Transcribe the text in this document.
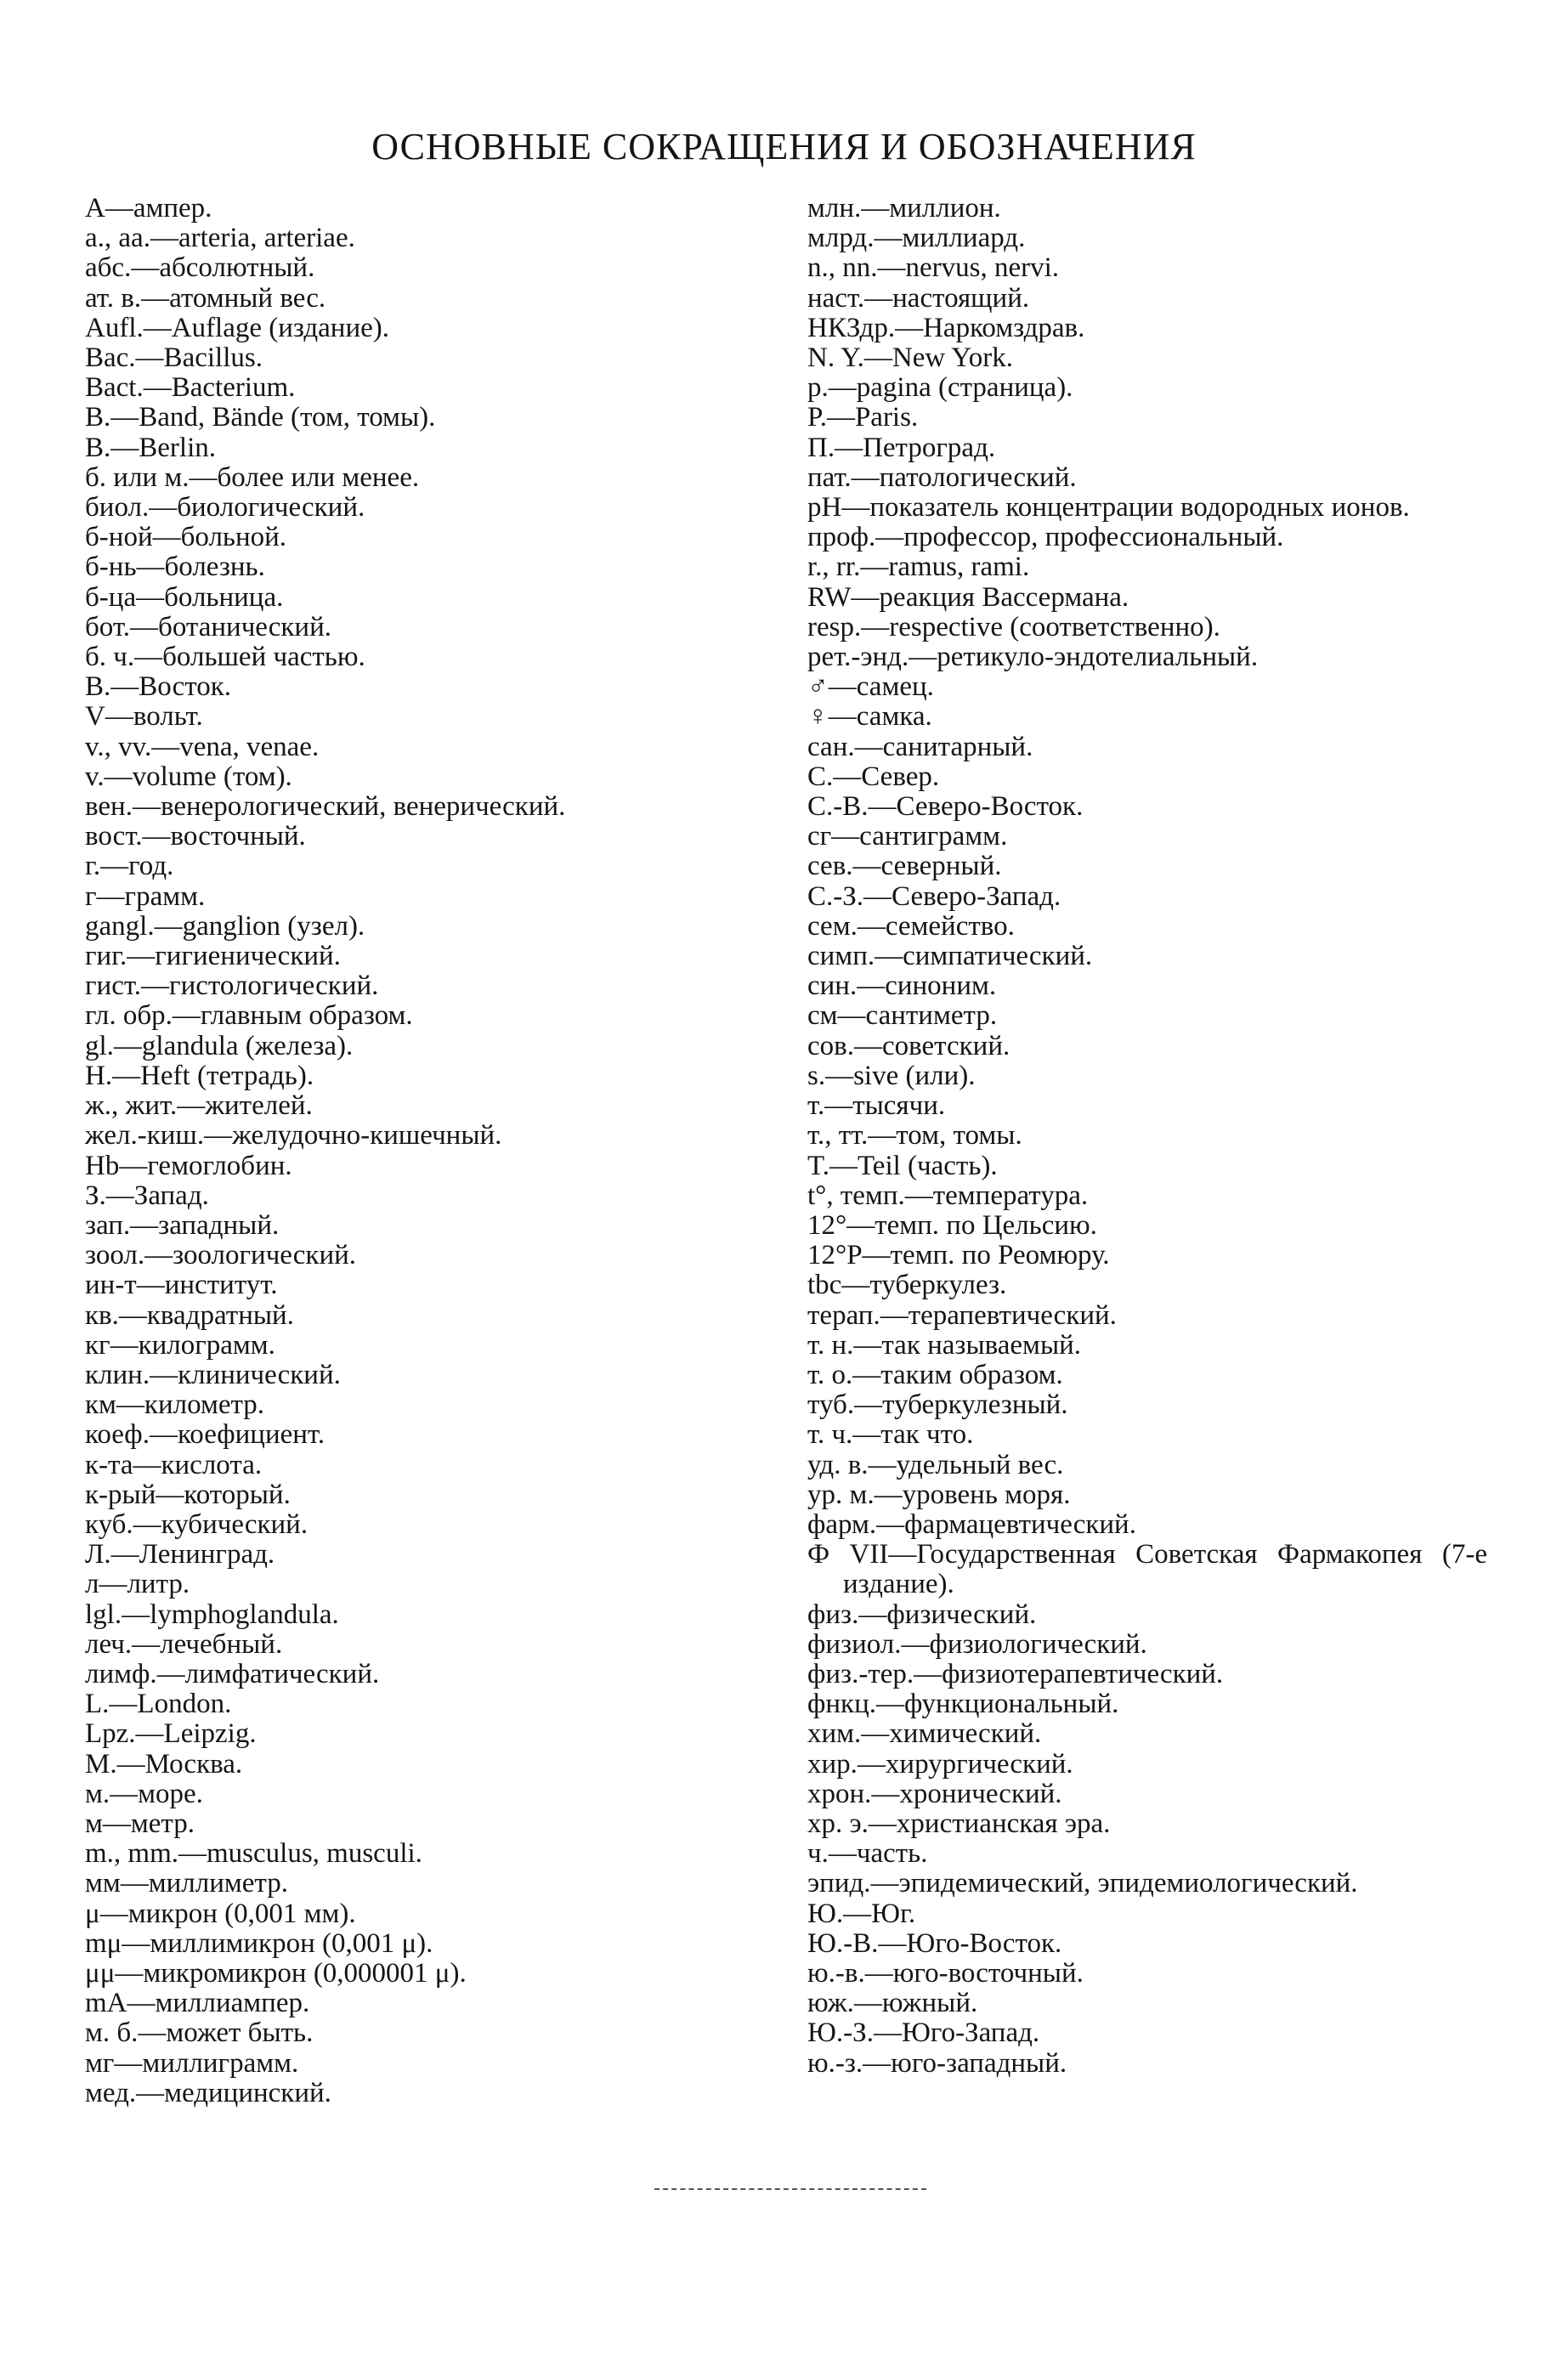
ОСНОВНЫЕ СОКРАЩЕНИЯ И ОБОЗНАЧЕНИЯ
А—ампер.
а., аа.—arteria, arteriae.
абс.—абсолютный.
ат. в.—атомный вес.
Aufl.—Auflage (издание).
Bac.—Bacillus.
Bact.—Bacterium.
B.—Band, Bände (том, томы).
B.—Berlin.
б. или м.—более или менее.
биол.—биологический.
б-ной—больной.
б-нь—болезнь.
б-ца—больница.
бот.—ботанический.
б. ч.—большей частью.
В.—Восток.
V—вольт.
v., vv.—vena, venae.
v.—volume (том).
вен.—венерологический, венерический.
вост.—восточный.
г.—год.
г—грамм.
gangl.—ganglion (узел).
гиг.—гигиенический.
гист.—гистологический.
гл. обр.—главным образом.
gl.—glandula (железа).
H.—Heft (тетрадь).
ж., жит.—жителей.
жел.-киш.—желудочно-кишечный.
Hb—гемоглобин.
З.—Запад.
зап.—западный.
зоол.—зоологический.
ин-т—институт.
кв.—квадратный.
кг—килограмм.
клин.—клинический.
км—километр.
коеф.—коефициент.
к-та—кислота.
к-рый—который.
куб.—кубический.
Л.—Ленинград.
л—литр.
lgl.—lymphoglandula.
леч.—лечебный.
лимф.—лимфатический.
L.—London.
Lpz.—Leipzig.
М.—Москва.
м.—море.
м—метр.
m., mm.—musculus, musculi.
мм—миллиметр.
μ—микрон (0,001 мм).
mμ—миллимикрон (0,001 μ).
μμ—микромикрон (0,000001 μ).
mA—миллиампер.
м. б.—может быть.
мг—миллиграмм.
мед.—медицинский.
млн.—миллион.
млрд.—миллиард.
n., nn.—nervus, nervi.
наст.—настоящий.
НКЗдр.—Наркомздрав.
N. Y.—New York.
p.—pagina (страница).
P.—Paris.
П.—Петроград.
пат.—патологический.
pH—показатель концентрации водородных ионов.
проф.—профессор, профессиональный.
r., rr.—ramus, rami.
RW—реакция Вассермана.
resp.—respective (соответственно).
рет.-энд.—ретикуло-эндотелиальный.
♂—самец.
♀—самка.
сан.—санитарный.
С.—Север.
С.-В.—Северо-Восток.
сг—сантиграмм.
сев.—северный.
С.-З.—Северо-Запад.
сем.—семейство.
симп.—симпатический.
син.—синоним.
см—сантиметр.
сов.—советский.
s.—sive (или).
т.—тысячи.
т., тт.—том, томы.
T.—Teil (часть).
t°, темп.—температура.
12°—темп. по Цельсию.
12°Р—темп. по Реомюру.
tbc—туберкулез.
терап.—терапевтический.
т. н.—так называемый.
т. о.—таким образом.
туб.—туберкулезный.
т. ч.—так что.
уд. в.—удельный вес.
ур. м.—уровень моря.
фарм.—фармацевтический.
Ф VII—Государственная Советская Фармакопея (7-е издание).
физ.—физический.
физиол.—физиологический.
физ.-тер.—физиотерапевтический.
фнкц.—функциональный.
хим.—химический.
хир.—хирургический.
хрон.—хронический.
хр. э.—христианская эра.
ч.—часть.
эпид.—эпидемический, эпидемиологический.
Ю.—Юг.
Ю.-В.—Юго-Восток.
ю.-в.—юго-восточный.
юж.—южный.
Ю.-З.—Юго-Запад.
ю.-з.—юго-западный.
